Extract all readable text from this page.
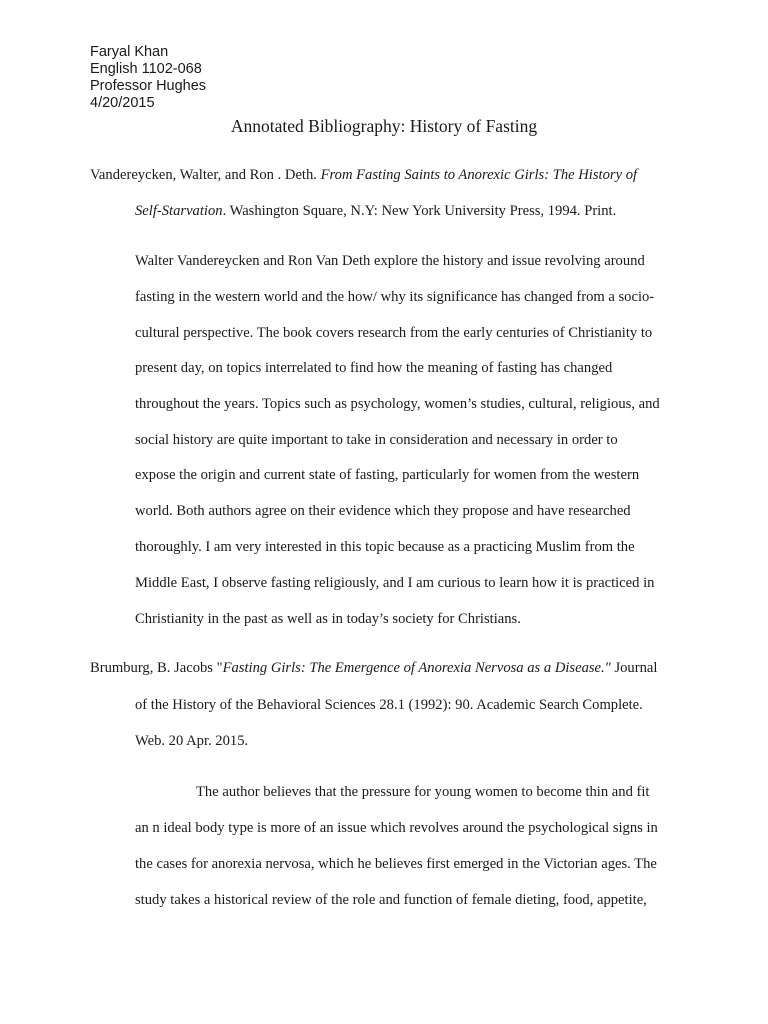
Faryal Khan
English 1102-068
Professor Hughes
4/20/2015
Annotated Bibliography: History of Fasting
Vandereycken, Walter, and Ron . Deth. From Fasting Saints to Anorexic Girls: The History of
Self-Starvation. Washington Square, N.Y: New York University Press, 1994. Print.
Walter Vandereycken and Ron Van Deth explore the history and issue revolving around
fasting in the western world and the how/ why its significance has changed from a socio-
cultural perspective. The book covers research from the early centuries of Christianity to
present day, on topics interrelated to find how the meaning of fasting has changed
throughout the years. Topics such as psychology, women’s studies, cultural, religious, and
social history are quite important to take in consideration and necessary in order to
expose the origin and current state of fasting, particularly for women from the western
world. Both authors agree on their evidence which they propose and have researched
thoroughly. I am very interested in this topic because as a practicing Muslim from the
Middle East, I observe fasting religiously, and I am curious to learn how it is practiced in
Christianity in the past as well as in today’s society for Christians.
Brumburg, B. Jacobs "Fasting Girls: The Emergence of Anorexia Nervosa as a Disease." Journal
of the History of the Behavioral Sciences 28.1 (1992): 90. Academic Search Complete.
Web. 20 Apr. 2015.
The author believes that the pressure for young women to become thin and fit
an n ideal body type is more of an issue which revolves around the psychological signs in
the cases for anorexia nervosa, which he believes first emerged in the Victorian ages. The
study takes a historical review of the role and function of female dieting, food, appetite,
